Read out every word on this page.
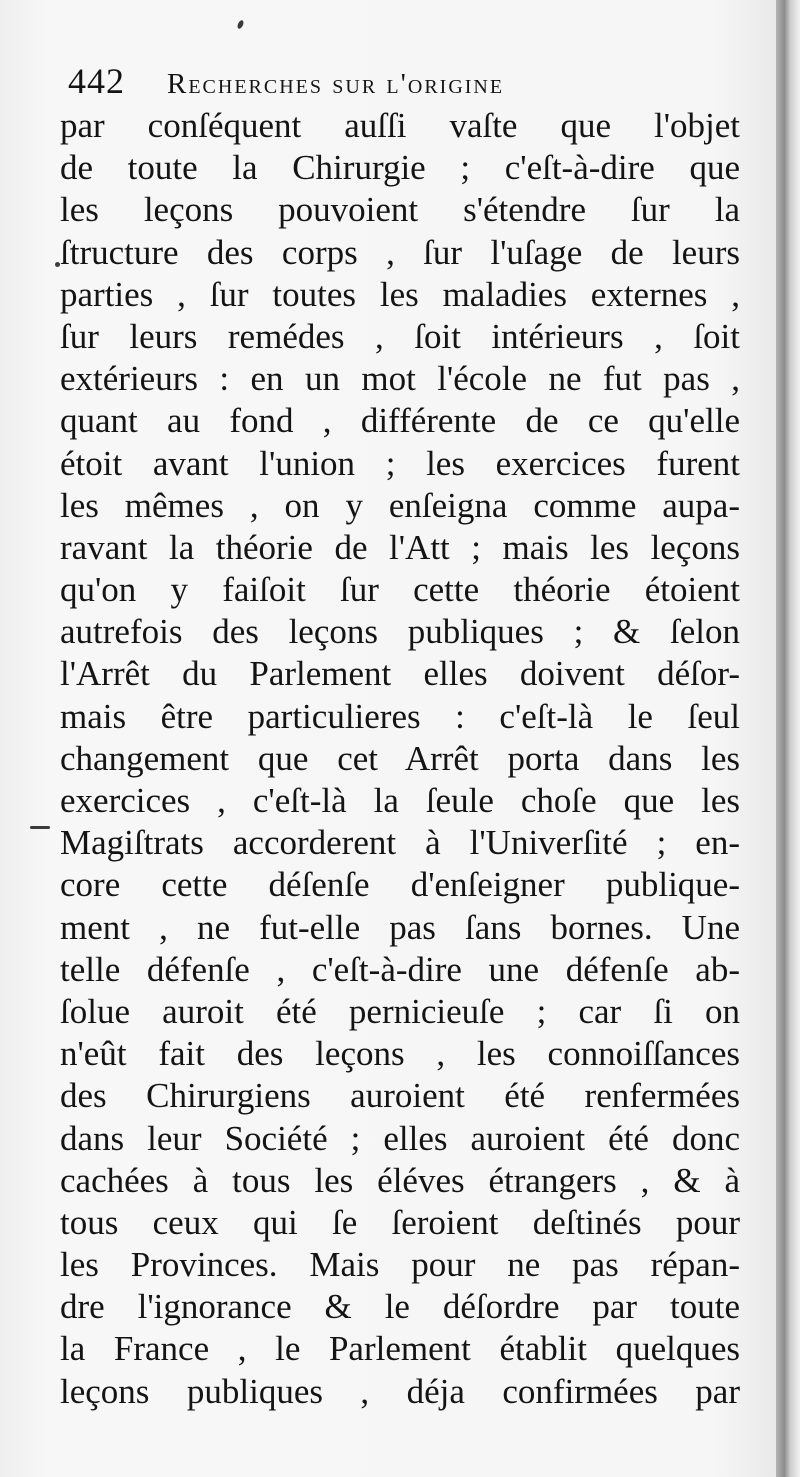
442 Recherches sur l'origine
par conſéquent auſſi vaſte que l'objet
de toute la Chirurgie ; c'eſt-à-dire que
les leçons pouvoient s'étendre ſur la
ſtructure des corps , ſur l'uſage de leurs
parties , ſur toutes les maladies externes ,
ſur leurs remédes , ſoit intérieurs , ſoit
extérieurs : en un mot l'école ne fut pas ,
quant au fond , différente de ce qu'elle
étoit avant l'union ; les exercices furent
les mêmes , on y enſeigna comme aupa-
ravant la théorie de l'Att ; mais les leçons
qu'on y faiſoit ſur cette théorie étoient
autrefois des leçons publiques ; & ſelon
l'Arrêt du Parlement elles doivent déſor-
mais être particulieres : c'eſt-là le ſeul
changement que cet Arrêt porta dans les
exercices , c'eſt-là la ſeule choſe que les
Magiſtrats accorderent à l'Univerſité ; en-
core cette déſenſe d'enſeigner publique-
ment , ne fut-elle pas ſans bornes. Une
telle défenſe , c'eſt-à-dire une défenſe ab-
ſolue auroit été pernicieuſe ; car ſi on
n'eût fait des leçons , les connoiſſances
des Chirurgiens auroient été renfermées
dans leur Société ; elles auroient été donc
cachées à tous les éléves étrangers , & à
tous ceux qui ſe ſeroient deſtinés pour
les Provinces. Mais pour ne pas répan-
dre l'ignorance & le déſordre par toute
la France , le Parlement établit quelques
leçons publiques , déja confirmées par
